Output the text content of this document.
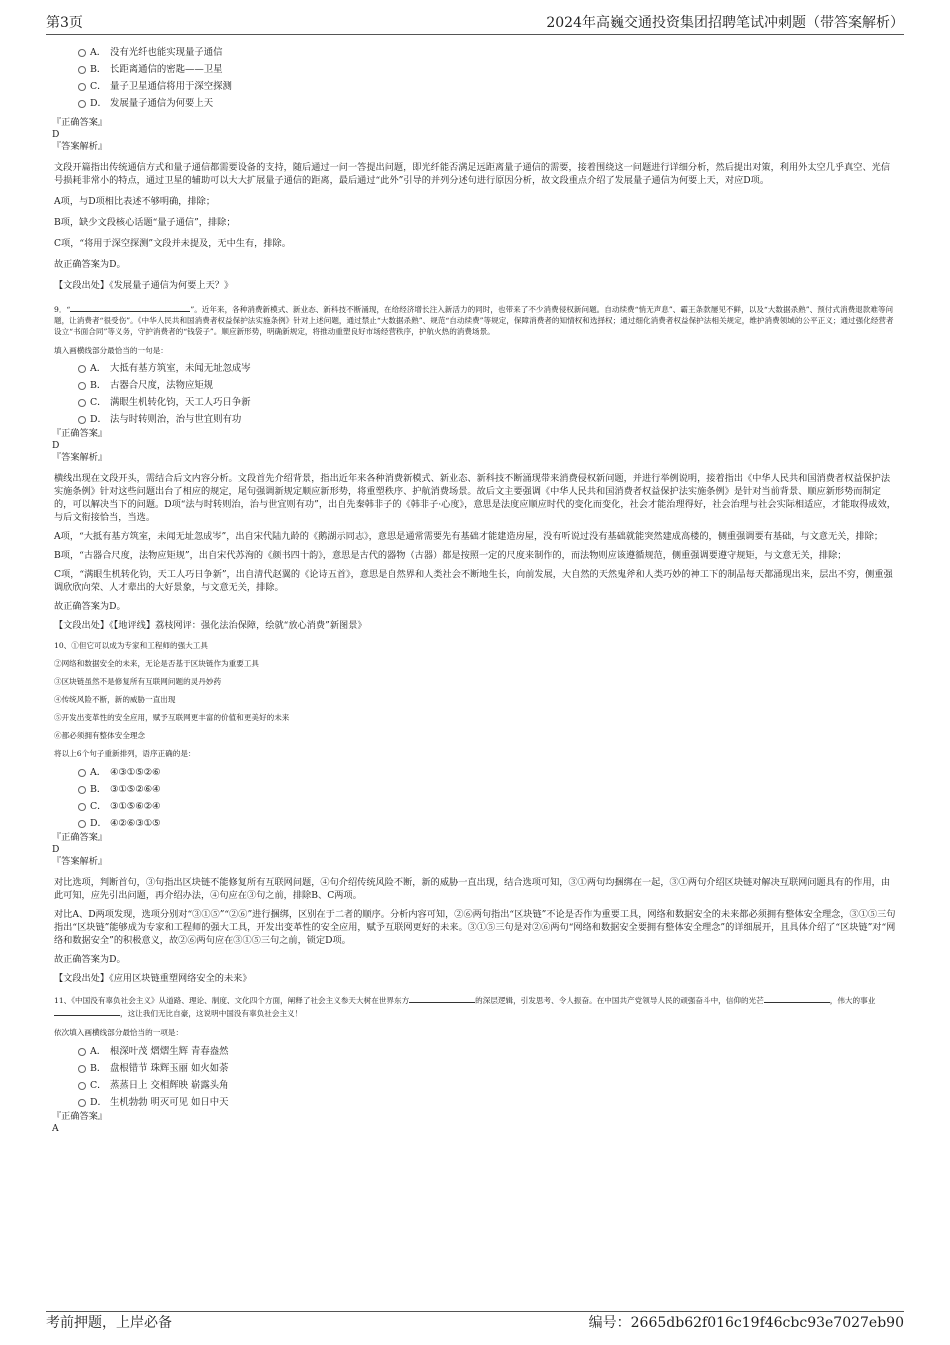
第3页	2024年高巍交通投资集团招聘笔试冲刺题（带答案解析）
A． 没有光纤也能实现量子通信
B． 长距离通信的密匙——卫星
C． 量子卫星通信将用于深空探测
D． 发展量子通信为何要上天
『正确答案』
D
『答案解析』

文段开篇指出传统通信方式和量子通信都需要设备的支持，随后通过一问一答提出问题，即光纤能否满足远距离量子通信的需要，接着围绕这一问题进行详细分析，然后提出对策，利用外太空几乎真空、光信号损耗非常小的特点，通过卫星的辅助可以大大扩展量子通信的距离，最后通过“此外”引导的并列分述句进行原因分析，故文段重点介绍了发展量子通信为何要上天，对应D项。

A项，与D项相比表述不够明确，排除；

B项，缺少文段核心话题“量子通信”，排除；

C项，“将用于深空探测”文段并未提及，无中生有，排除。

故正确答案为D。

【文段出处】《发展量子通信为何要上天？》

9．“	”。近年来，各种消费新模式、新业态、新科技不断涌现，在给经济增长注入新活力的同时，也带来了不少消费侵权新问题。自动续费“悄无声息”、霸王条款屡见不鲜，以及“大数据杀熟”、预付式消费退款难等问题，让消费者“很受伤”。《中华人民共和国消费者权益保护法实施条例》针对上述问题，通过禁止“大数据杀熟”、规范“自动续费”等规定，保障消费者的知情权和选择权；通过细化消费者权益保护法相关规定，维护消费领域的公平正义；通过强化经营者设立“书面合同”等义务，守护消费者的“钱袋子”。顺应新形势，明确新规定，将推动重塑良好市场经营秩序，护航火热的消费场景。

填入画横线部分最恰当的一句是：

A． 大抵有基方筑室，未闻无址忽成岑
B． 古器合尺度，法物应矩规
C． 满眼生机转化钧，天工人巧日争新
D． 法与时转则治，治与世宜则有功
『正确答案』
D
『答案解析』

横线出现在文段开头，需结合后文内容分析。文段首先介绍背景，指出近年来各种消费新模式、新业态、新科技不断涌现带来消费侵权新问题，并进行举例说明，接着指出《中华人民共和国消费者权益保护法实施条例》针对这些问题出台了相应的规定，尾句强调新规定顺应新形势，将重塑秩序、护航消费场景。故后文主要强调《中华人民共和国消费者权益保护法实施条例》是针对当前背景、顺应新形势而制定的，可以解决当下的问题。D项“法与时转则治，治与世宜则有功”，出自先秦韩非子的《韩非子·心度》，意思是法度应顺应时代的变化而变化，社会才能治理得好，社会治理与社会实际相适应，才能取得成效，与后文衔接恰当，当选。

A项，“大抵有基方筑室，未闻无址忽成岑”，出自宋代陆九龄的《鹅湖示同志》，意思是通常需要先有基础才能建造房屋，没有听说过没有基础就能突然建成高楼的，侧重强调要有基础，与文意无关，排除；

B项，“古器合尺度，法物应矩规”，出自宋代苏洵的《颜书四十韵》，意思是古代的器物（古器）都是按照一定的尺度来制作的，而法物则应该遵循规范，侧重强调要遵守规矩，与文意无关，排除；

C项，“满眼生机转化钧，天工人巧日争新”，出自清代赵翼的《论诗五首》，意思是自然界和人类社会不断地生长，向前发展，大自然的天然鬼斧和人类巧妙的神工下的制品每天都涌现出来，层出不穷，侧重强调欣欣向荣、人才辈出的大好景象，与文意无关，排除。

故正确答案为D。

【文段出处】《【地评线】荔枝网评：强化法治保障，绘就“放心消费”新图景》

10、①但它可以成为专家和工程师的强大工具

②网络和数据安全的未来，无论是否基于区块链作为重要工具

③区块链虽然不是修复所有互联网问题的灵丹妙药

④传统风险不断，新的威胁一直出现

⑤开发出变革性的安全应用，赋予互联网更丰富的价值和更美好的未来

⑥都必须拥有整体安全理念

将以上6个句子重新排列，语序正确的是：

A． ④③①⑤②⑥
B． ③①⑤②⑥④
C． ③①⑤⑥②④
D． ④②⑥③①⑤
『正确答案』
D
『答案解析』

对比选项，判断首句，③句指出区块链不能修复所有互联网问题，④句介绍传统风险不断，新的威胁一直出现，结合选项可知，③①两句均捆绑在一起，③①两句介绍区块链对解决互联网问题具有的作用，由此可知，应先引出问题，再介绍办法，④句应在③句之前，排除B、C两项。

对比A、D两项发现，选项分别对“③①⑤”“②⑥”进行捆绑，区别在于二者的顺序。分析内容可知，②⑥两句指出“区块链”不论是否作为重要工具，网络和数据安全的未来都必须拥有整体安全理念，③①⑤三句指出“区块链”能够成为专家和工程师的强大工具，开发出变革性的安全应用，赋予互联网更好的未来。③①⑤三句是对②⑥两句“网络和数据安全要拥有整体安全理念”的详细展开，且具体介绍了“区块链”对“网络和数据安全”的积极意义，故②⑥两句应在③①⑤三句之前，锁定D项。

故正确答案为D。

【文段出处】《应用区块链重塑网络安全的未来》

11、《中国没有辜负社会主义》从道路、理论、制度、文化四个方面，阐释了社会主义参天大树在世界东方	的深层逻辑，引发思考、令人振奋。在中国共产党领导人民的顽强奋斗中，信仰的光芒	，伟大的事业，这让我们无比自豪，这说明中国没有辜负社会主义！

依次填入画横线部分最恰当的一项是：

A． 根深叶茂 熠熠生辉 青春盎然
B． 盘根错节 珠辉玉丽 如火如荼
C． 蒸蒸日上 交相辉映 崭露头角
D． 生机勃勃 明灭可见 如日中天
『正确答案』
A
考前押题，上岸必备	编号：2665db62f016c19f46cbc93e7027eb90
